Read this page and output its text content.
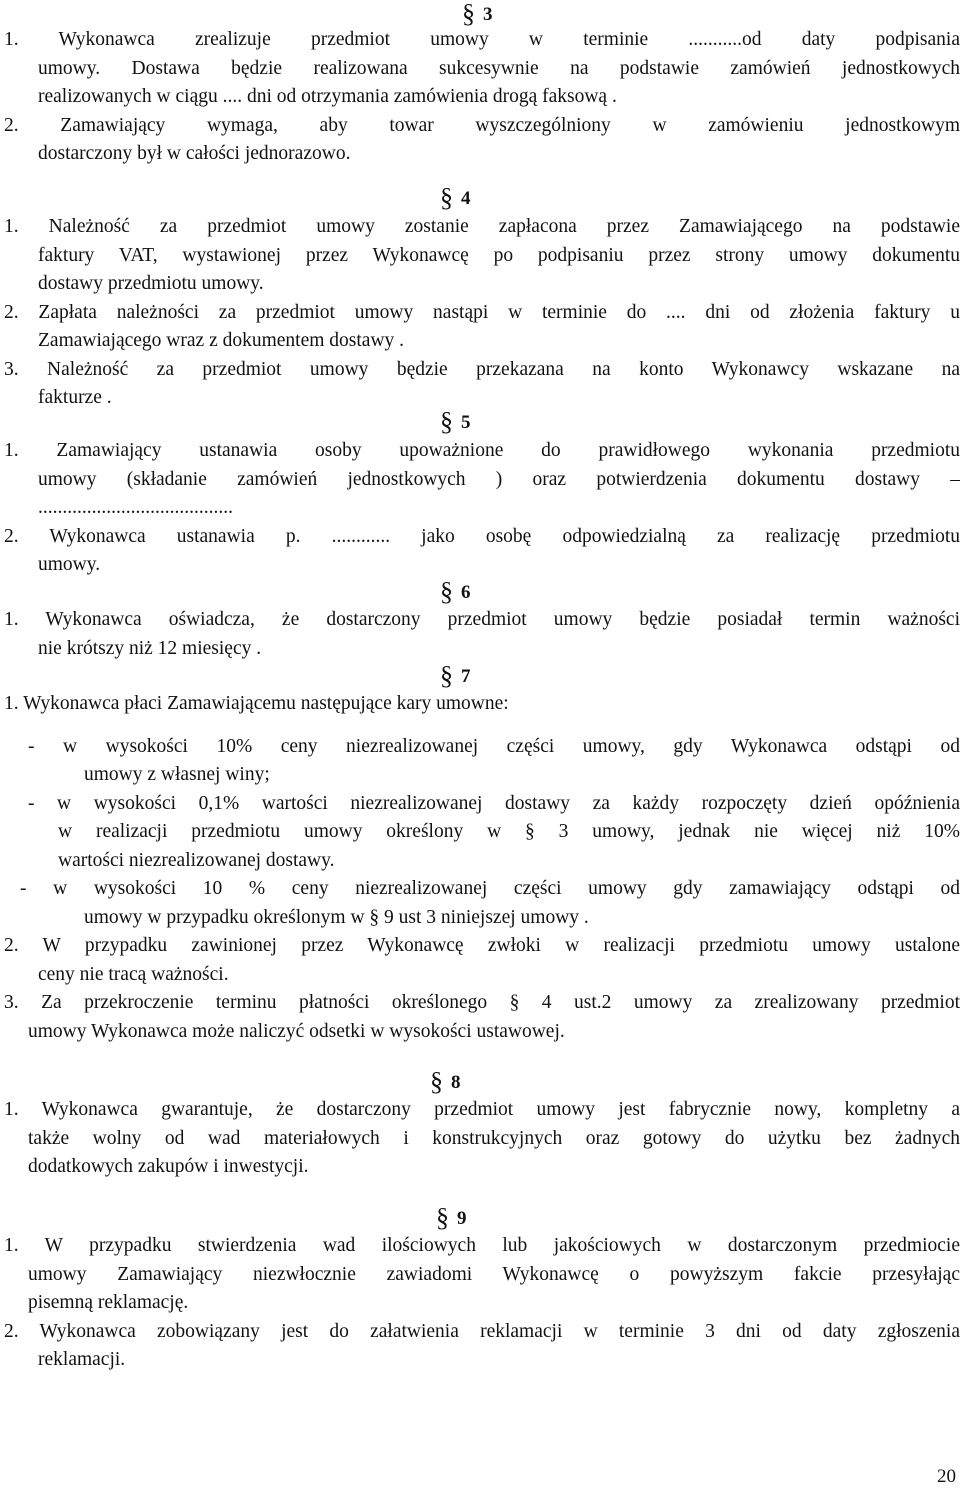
§ 3

1. Wykonawca zrealizuje przedmiot umowy w terminie ...........od daty podpisania

umowy. Dostawa będzie realizowana sukcesywnie na podstawie zamówień jednostkowych

realizowanych w ciągu .... dni od otrzymania zamówienia drogą faksową .

2. Zamawiający wymaga, aby towar wyszczególniony w zamówieniu jednostkowym

dostarczony był w całości jednorazowo.

§ 4

1. Należność za przedmiot umowy zostanie zapłacona przez Zamawiającego na podstawie

faktury VAT, wystawionej przez Wykonawcę po podpisaniu przez strony umowy dokumentu

dostawy przedmiotu umowy.

2. Zapłata należności za przedmiot umowy nastąpi w terminie do .... dni od złożenia faktury u

Zamawiającego wraz z dokumentem dostawy .

3. Należność za przedmiot umowy będzie przekazana na konto Wykonawcy wskazane na

fakturze .

§ 5

1. Zamawiający ustanawia osoby upoważnione do prawidłowego wykonania przedmiotu

umowy (składanie zamówień jednostkowych ) oraz potwierdzenia dokumentu dostawy –

........................................

2. Wykonawca ustanawia p. ............ jako osobę odpowiedzialną za realizację przedmiotu

umowy.

§ 6

1. Wykonawca oświadcza, że dostarczony przedmiot umowy będzie posiadał termin ważności

nie krótszy niż 12 miesięcy .

§ 7

1. Wykonawca płaci Zamawiającemu następujące kary umowne:

- w wysokości 10% ceny niezrealizowanej części umowy, gdy Wykonawca odstąpi od

umowy z własnej winy;

- w wysokości 0,1% wartości niezrealizowanej dostawy za każdy rozpoczęty dzień opóźnienia

w realizacji przedmiotu umowy określony w § 3 umowy, jednak nie więcej niż 10%

wartości niezrealizowanej dostawy.

- w wysokości 10 % ceny niezrealizowanej części umowy gdy zamawiający odstąpi od

umowy w przypadku określonym w § 9 ust 3 niniejszej umowy .

2. W przypadku zawinionej przez Wykonawcę zwłoki w realizacji przedmiotu umowy ustalone

ceny nie tracą ważności.

3. Za przekroczenie terminu płatności określonego § 4 ust.2 umowy za zrealizowany przedmiot

umowy Wykonawca może naliczyć odsetki w wysokości ustawowej.

§ 8

1. Wykonawca gwarantuje, że dostarczony przedmiot umowy jest fabrycznie nowy, kompletny a

także wolny od wad materiałowych i konstrukcyjnych oraz gotowy do użytku bez żadnych

dodatkowych zakupów i inwestycji.

§ 9

1. W przypadku stwierdzenia wad ilościowych lub jakościowych w dostarczonym przedmiocie

umowy Zamawiający niezwłocznie zawiadomi Wykonawcę o powyższym fakcie przesyłając

pisemną reklamację.

2. Wykonawca zobowiązany jest do załatwienia reklamacji w terminie 3 dni od daty zgłoszenia

reklamacji.

20
